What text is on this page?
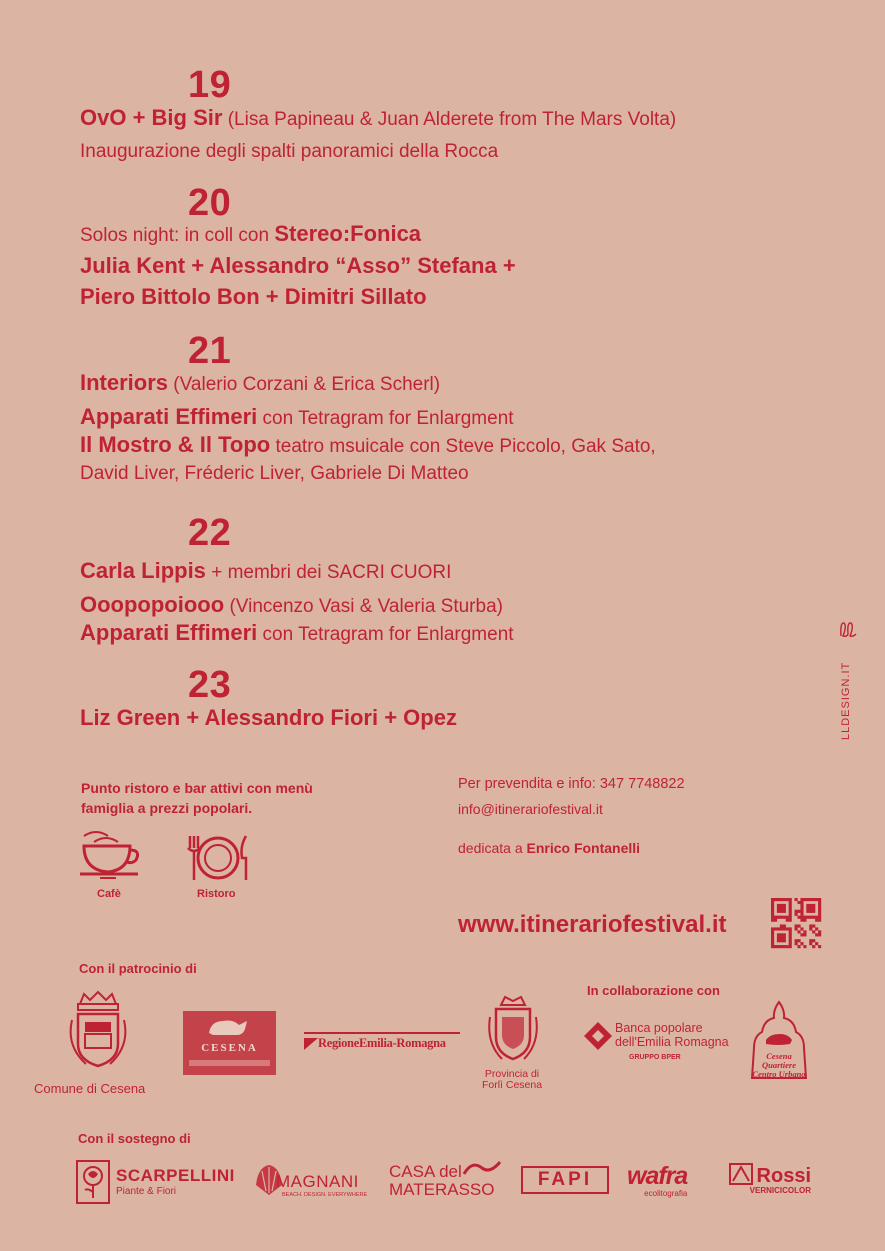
19
OvO + Big Sir (Lisa Papineau & Juan Alderete from The Mars Volta)
Inaugurazione degli spalti panoramici della Rocca
20
Solos night: in coll con Stereo:Fonica
Julia Kent + Alessandro “Asso” Stefana +
Piero Bittolo Bon + Dimitri Sillato
21
Interiors (Valerio Corzani & Erica Scherl)
Apparati Effimeri con Tetragram for Enlargment
Il Mostro & Il Topo teatro msuicale con Steve Piccolo, Gak Sato,
David Liver, Fréderic Liver, Gabriele Di Matteo
22
Carla Lippis + membri dei SACRI CUORI
Ooopopoiooo (Vincenzo Vasi & Valeria Sturba)
Apparati Effimeri con Tetragram for Enlargment
23
Liz Green + Alessandro Fiori + Opez
Punto ristoro e bar attivi con menù
famiglia a prezzi popolari.
Cafè	Ristoro
Per prevendita e info: 347 7748822
info@itinerariofestival.it
dedicata a Enrico Fontanelli
www.itinerariofestival.it
LLDESIGN.IT
Con il patrocinio di
Comune di Cesena
CESENA	RegioneEmilia-Romagna
Provincia di
Forlì Cesena
In collaborazione con
Banca popolare
dell'Emilia Romagna
GRUPPO BPER	Cesena
Quartiere
Centro Urbano
Con il sostegno di
SCARPELLINI
Piante & Fiori
MAGNANI
BEACH. DESIGN. EVERYWHERE
CASA del
MATERASSO	FAPI	wafra
ecolitografia
Rossi
VERNICICOLOR
